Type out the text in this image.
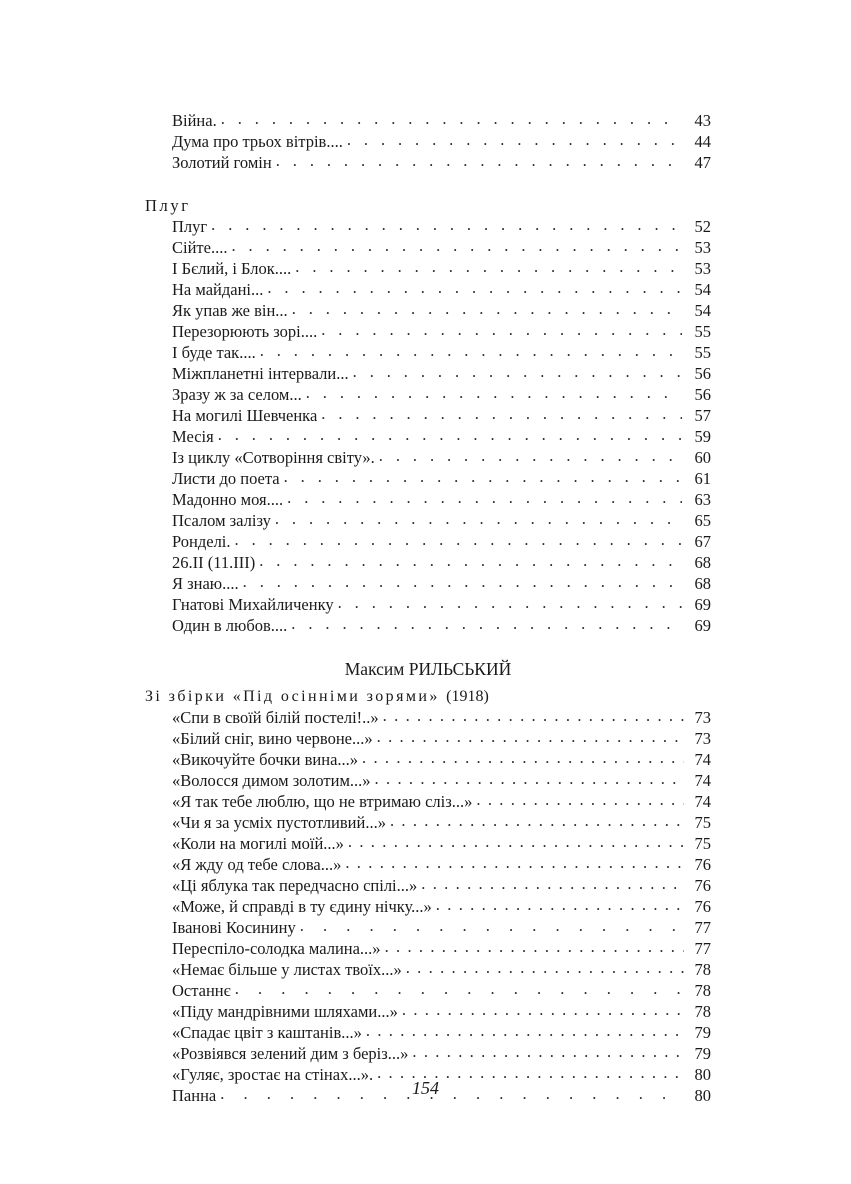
Війна. . . .	43
Дума про трьох вітрів.... . . .	44
Золотий гомін . . .	47
Плуг
Плуг . . .	52
Сійте.... . . .	53
І Бєлий, і Блок.... . . .	53
На майдані... . . .	54
Як упав же він... . . .	54
Перезорюють зорі.... . . .	55
І буде так.... . . .	55
Міжпланетні інтервали... . . .	56
Зразу ж за селом... . . .	56
На могилі Шевченка . . .	57
Месія . . .	59
Із циклу «Сотворіння світу». . . .	60
Листи до поета . . .	61
Мадонно моя.... . . .	63
Псалом залізу . . .	65
Ронделі. . . .	67
26.II (11.III) . . .	68
Я знаю.... . . .	68
Гнатові Михайличенку . . .	69
Один в любов.... . . .	69
Максим РИЛЬСЬКИЙ
Зі збірки «Під осінніми зорями» (1918)
«Спи в своїй білій постелі!..» . . .	73
«Білий сніг, вино червоне...» . . .	73
«Викочуйте бочки вина...» . . .	74
«Волосся димом золотим...» . . .	74
«Я так тебе люблю, що не втримаю сліз...» . . .	74
«Чи я за усміх пустотливий...» . . .	75
«Коли на могилі моїй...» . . .	75
«Я жду од тебе слова...» . . .	76
«Ці яблука так передчасно спілі...» . . .	76
«Може, й справді в ту єдину нічку...» . . .	76
Іванові Косинину . . .	77
Переспіло-солодка малина...» . . .	77
«Немає більше у листах твоїх...» . . .	78
Останнє . . .	78
«Піду мандрівними шляхами...» . . .	78
«Спадає цвіт з каштанів...» . . .	79
«Розвіявся зелений дим з беріз...» . . .	79
«Гуляє, зростає на стінах...». . . .	80
Панна . . .	80
154
